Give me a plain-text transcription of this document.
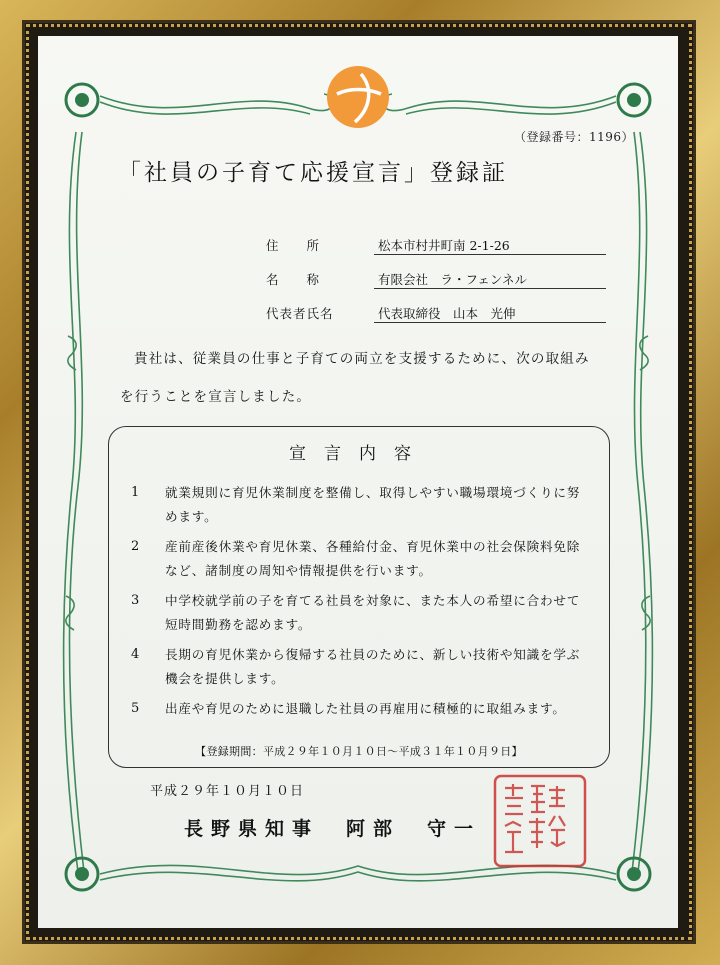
（登録番号：1196）
「社員の子育て応援宣言」登録証
住　　所	松本市村井町南 2-1-26
名　　称	有限会社　ラ・フェンネル
代表者氏名	代表取締役　山本　光伸

貴社は、従業員の仕事と子育ての両立を支援するために、次の取組み

を行うことを宣言しました。

宣言内容
1	就業規則に育児休業制度を整備し、取得しやすい職場環境づくりに努めます。
2	産前産後休業や育児休業、各種給付金、育児休業中の社会保険料免除など、諸制度の周知や情報提供を行います。
3	中学校就学前の子を育てる社員を対象に、また本人の希望に合わせて短時間勤務を認めます。
4	長期の育児休業から復帰する社員のために、新しい技術や知識を学ぶ機会を提供します。
5	出産や育児のために退職した社員の再雇用に積極的に取組みます。
【登録期間：平成２９年１０月１０日～平成３１年１０月９日】
平成２９年１０月１０日
長野県知事　阿部　守一
